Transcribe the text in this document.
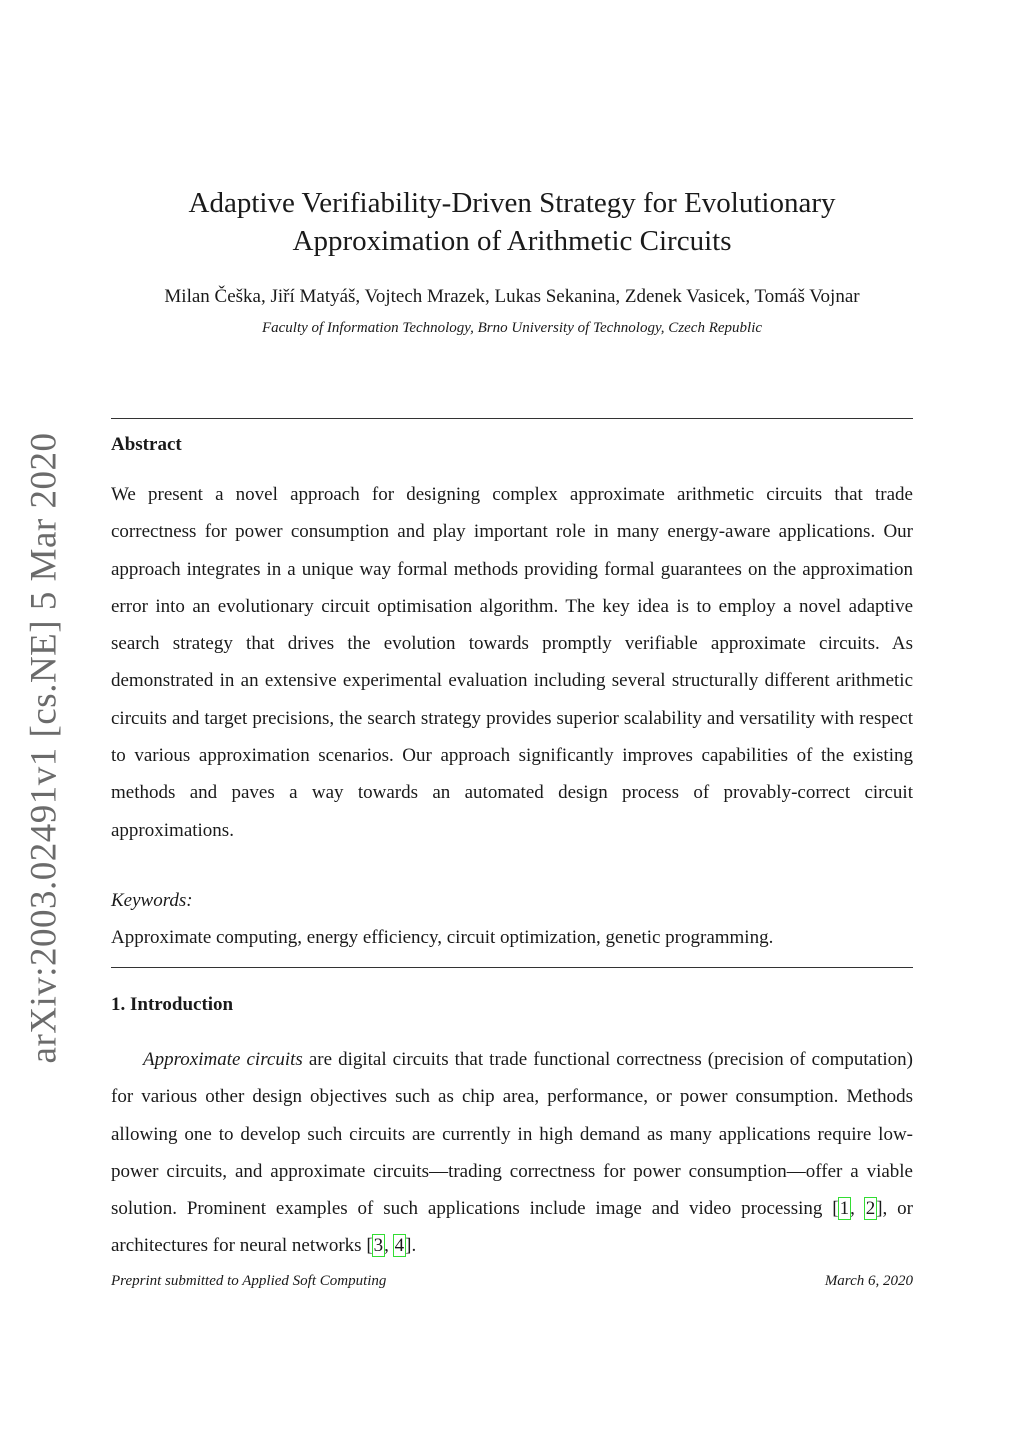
arXiv:2003.02491v1 [cs.NE] 5 Mar 2020
Adaptive Verifiability-Driven Strategy for Evolutionary
Approximation of Arithmetic Circuits
Milan Češka, Jiří Matyáš, Vojtech Mrazek, Lukas Sekanina, Zdenek Vasicek, Tomáš Vojnar
Faculty of Information Technology, Brno University of Technology, Czech Republic
Abstract
We present a novel approach for designing complex approximate arithmetic circuits that trade correctness for power consumption and play important role in many energy-aware applications. Our approach integrates in a unique way formal methods providing formal guarantees on the approximation error into an evolutionary circuit optimisation algorithm. The key idea is to employ a novel adaptive search strategy that drives the evolution towards promptly verifiable approximate circuits. As demonstrated in an extensive experimental evaluation including several structurally different arithmetic circuits and target precisions, the search strategy provides superior scalability and versatility with respect to various approximation scenarios. Our approach significantly improves capabilities of the existing methods and paves a way towards an automated design process of provably-correct circuit approximations.
Keywords:
Approximate computing, energy efficiency, circuit optimization, genetic programming.
1. Introduction
Approximate circuits are digital circuits that trade functional correctness (precision of computation) for various other design objectives such as chip area, performance, or power consumption. Methods allowing one to develop such circuits are currently in high demand as many applications require low-power circuits, and approximate circuits—trading correctness for power consumption—offer a viable solution. Prominent examples of such applications include image and video processing [1, 2], or architectures for neural networks [3, 4].
Preprint submitted to Applied Soft Computing	March 6, 2020
